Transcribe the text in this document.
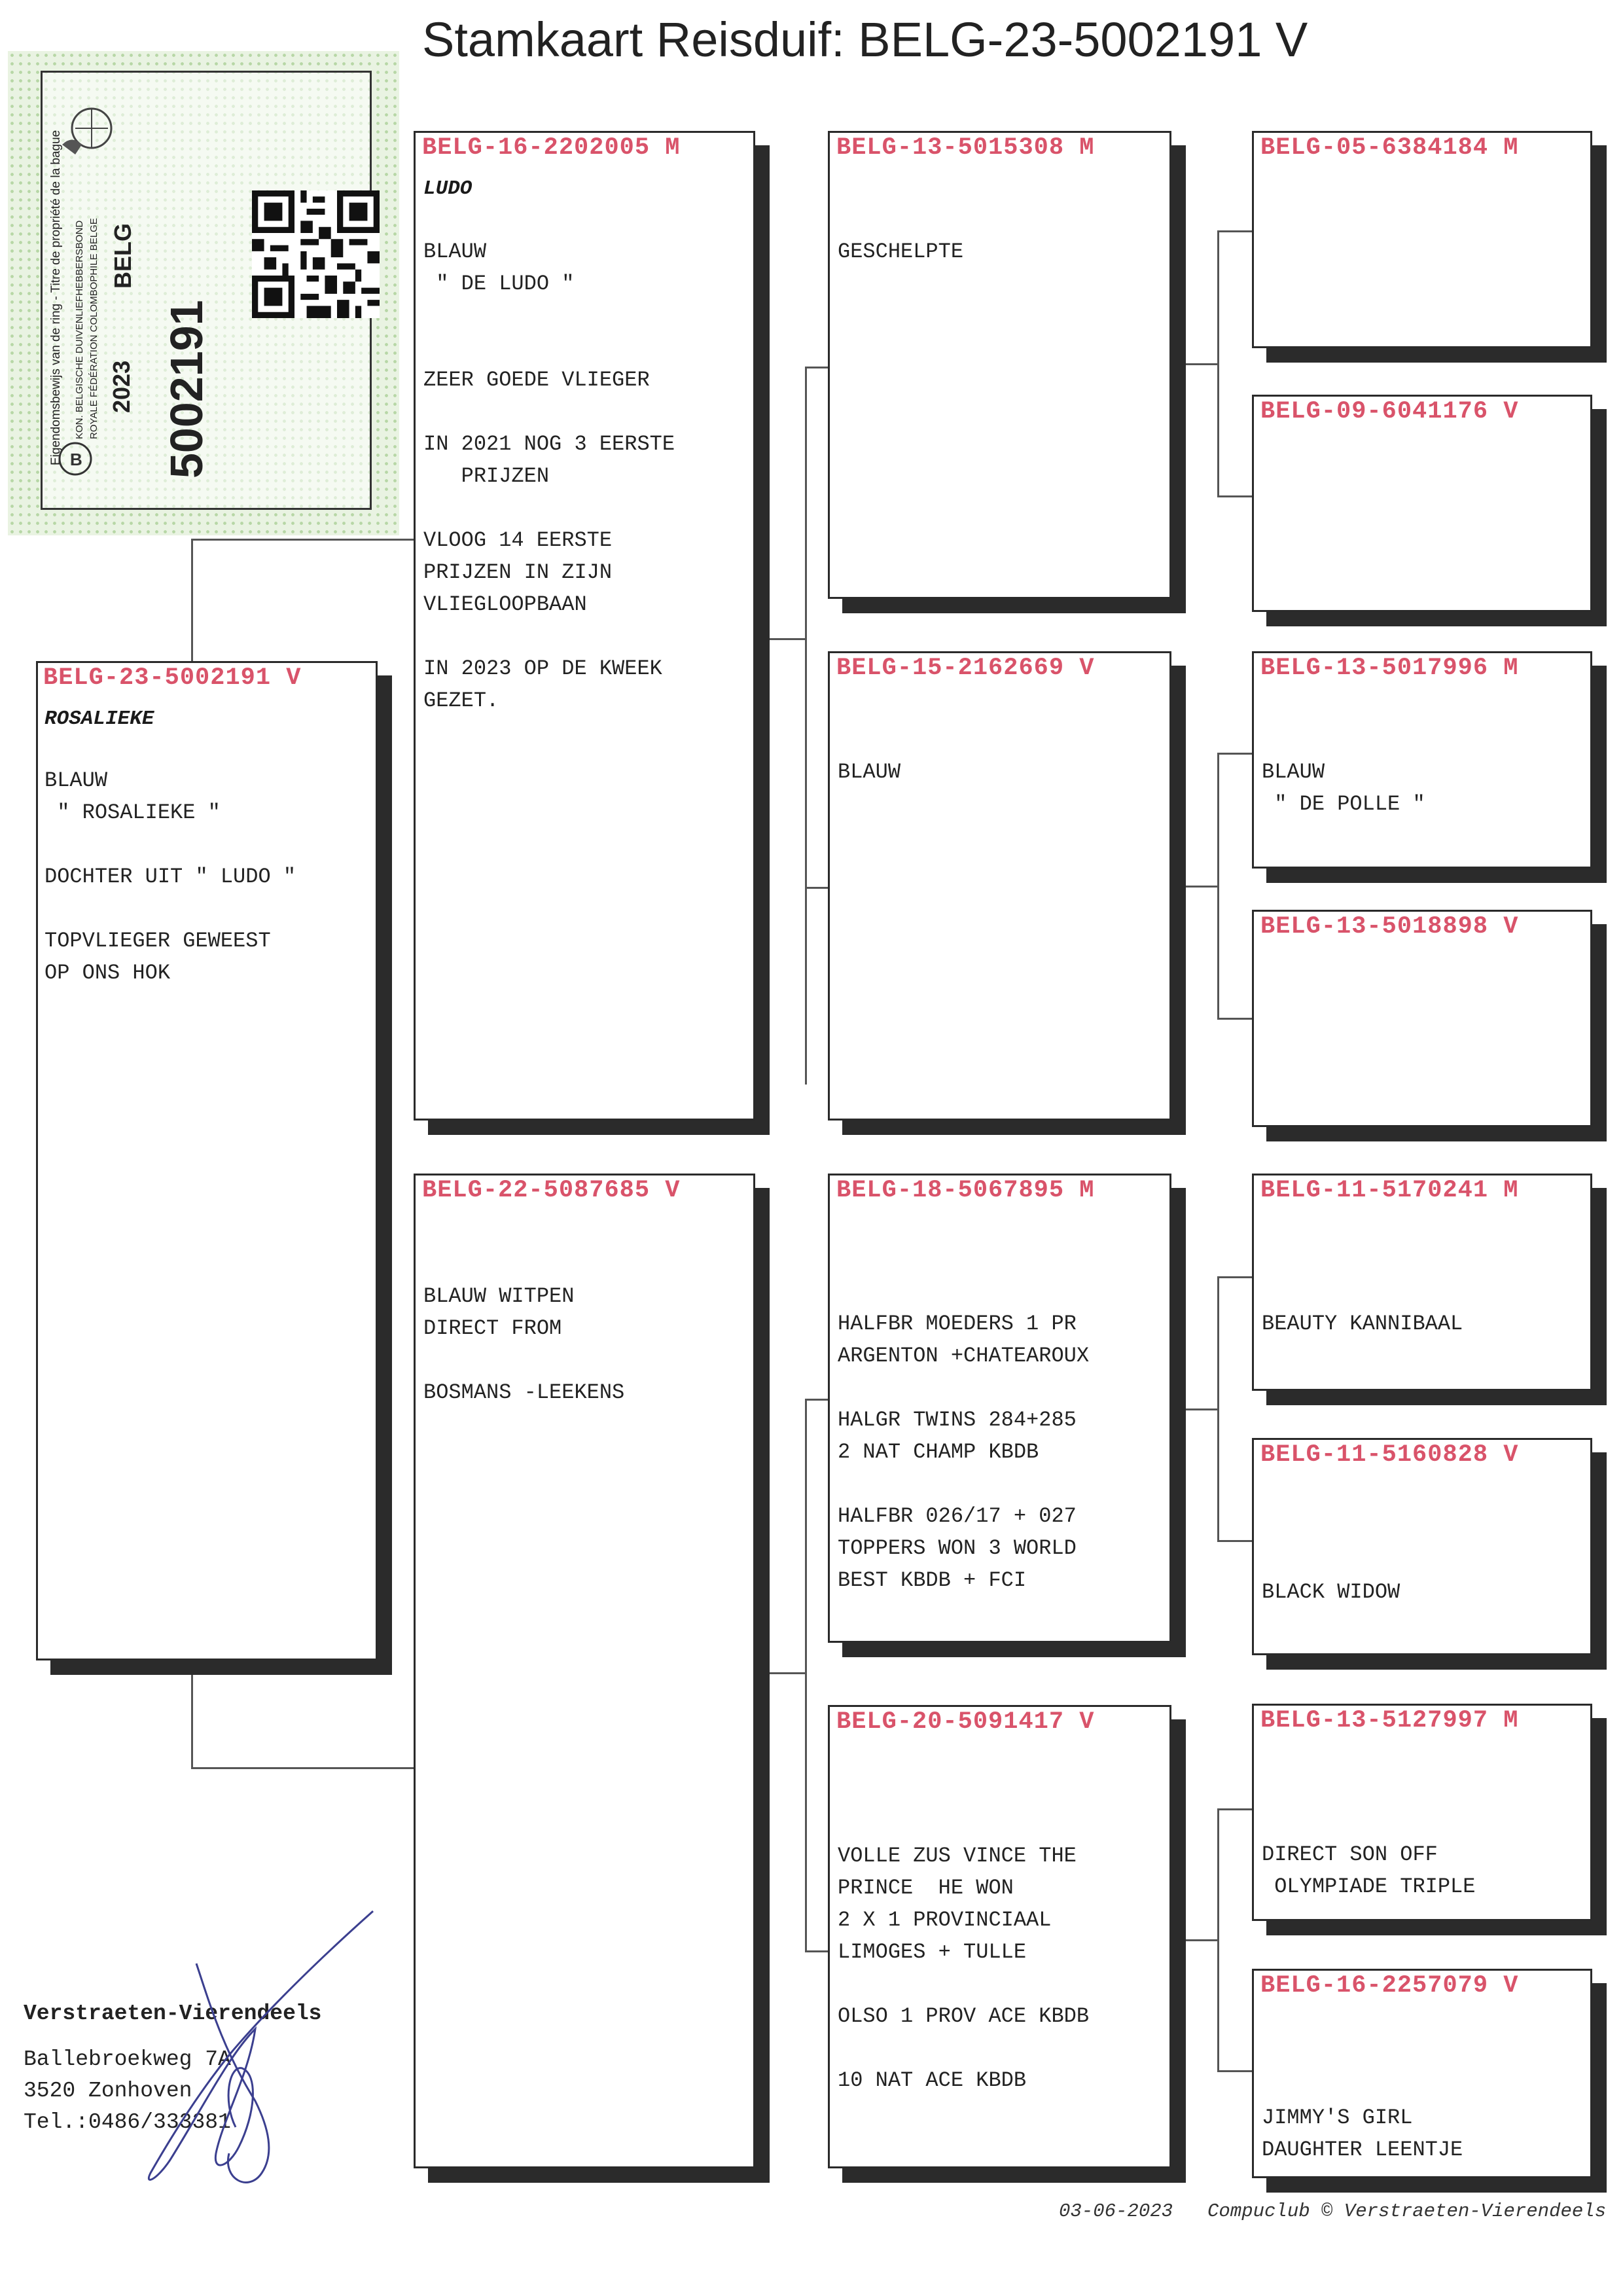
Stamkaart Reisduif: BELG-23-5002191 V
Eigendomsbewijs van de ring - Titre de propriété de la bague KON. BELGISCHE DUIVENLIEFHEBBERSBOND ROYALE FÉDÉRATION COLOMBOPHILE BELGE 2023
BELG
5002191
B
BELG-23-5002191 V
ROSALIEKE
BLAUW
" ROSALIEKE "

DOCHTER UIT " LUDO "

TOPVLIEGER GEWEEST
OP ONS HOK
BELG-16-2202005 M
LUDO
BLAUW
" DE LUDO "

ZEER GOEDE VLIEGER

IN 2021 NOG 3 EERSTE
PRIJZEN

VLOOG 14 EERSTE
PRIJZEN IN ZIJN
VLIEGLOOPBAAN

IN 2023 OP DE KWEEK
GEZET.
BELG-22-5087685 V
BLAUW WITPEN
DIRECT FROM

BOSMANS -LEEKENS
BELG-13-5015308 M
GESCHELPTE
BELG-15-2162669 V
BLAUW
BELG-18-5067895 M
HALFBR MOEDERS 1 PR
ARGENTON +CHATEAROUX

HALGR TWINS 284+285
2 NAT CHAMP KBDB

HALFBR 026/17 + 027
TOPPERS WON 3 WORLD
BEST KBDB + FCI
BELG-20-5091417 V
VOLLE ZUS VINCE THE
PRINCE  HE WON
2 X 1 PROVINCIAAL
LIMOGES + TULLE

OLSO 1 PROV ACE KBDB

10 NAT ACE KBDB
BELG-05-6384184 M
BELG-09-6041176 V
BELG-13-5017996 M
BLAUW
" DE POLLE "
BELG-13-5018898 V
BELG-11-5170241 M
BEAUTY KANNIBAAL
BELG-11-5160828 V
BLACK WIDOW
BELG-13-5127997 M
DIRECT SON OFF
OLYMPIADE TRIPLE
BELG-16-2257079 V
JIMMY'S GIRL
DAUGHTER LEENTJE
Verstraeten-Vierendeels
Ballebroekweg 7A
3520 Zonhoven
Tel.:0486/333381
03-06-2023 Compuclub © Verstraeten-Vierendeels
